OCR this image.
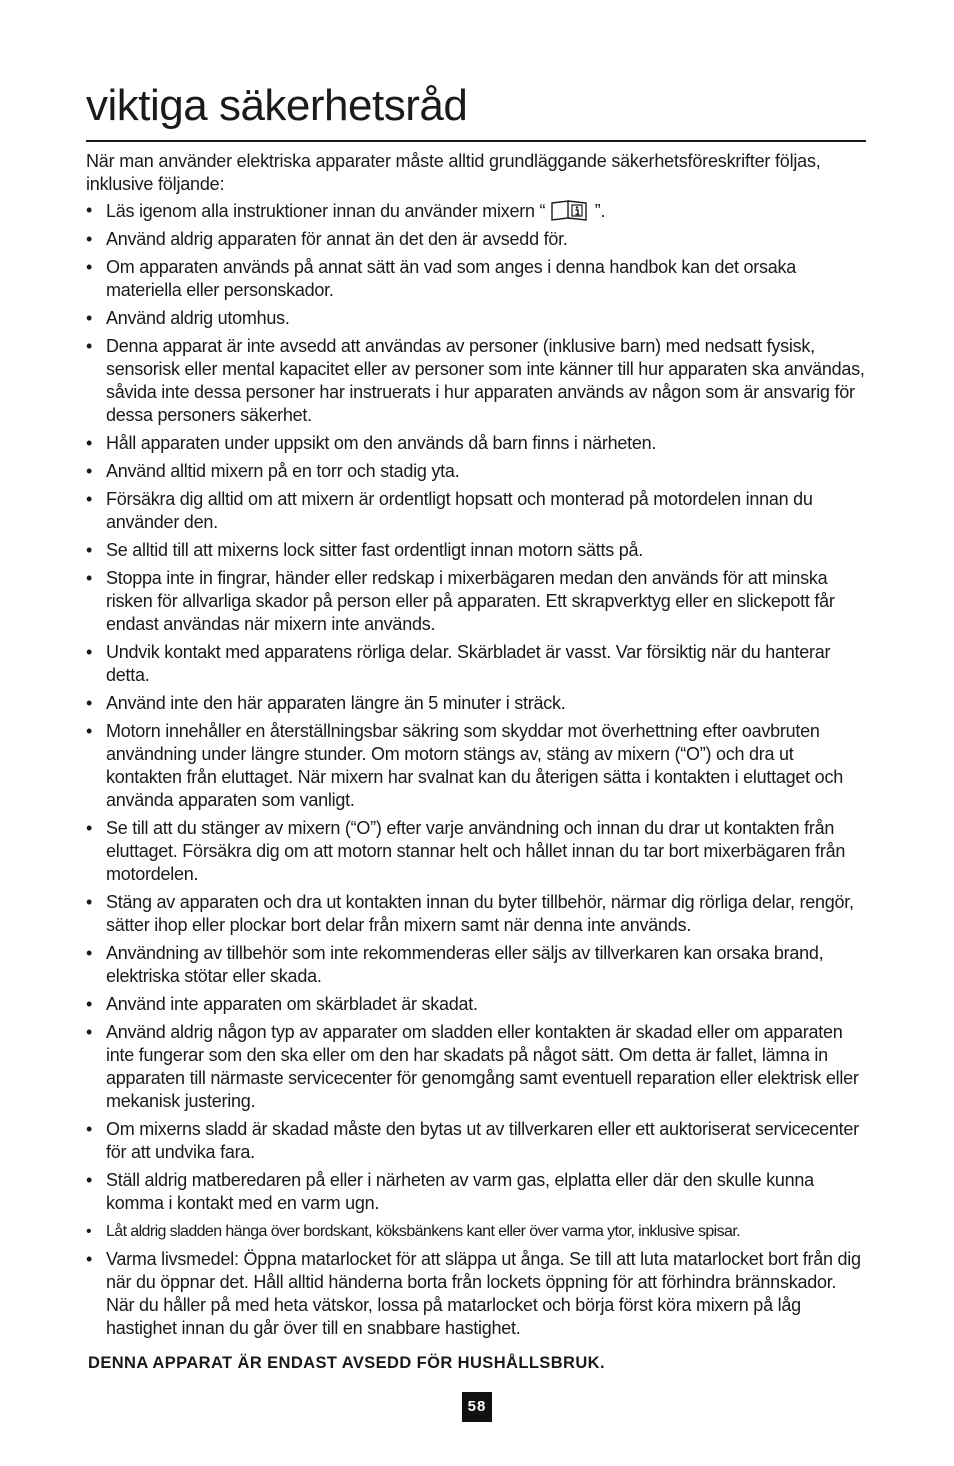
viktiga säkerhetsråd

När man använder elektriska apparater måste alltid grundläggande säkerhetsföreskrifter följas, inklusive följande:

• Läs igenom alla instruktioner innan du använder mixern “	”.
• Använd aldrig apparaten för annat än det den är avsedd för.
• Om apparaten används på annat sätt än vad som anges i denna handbok kan det orsaka materiella eller personskador.
• Använd aldrig utomhus.
• Denna apparat är inte avsedd att användas av personer (inklusive barn) med nedsatt fysisk, sensorisk eller mental kapacitet eller av personer som inte känner till hur apparaten ska användas, såvida inte dessa personer har instruerats i hur apparaten används av någon som är ansvarig för dessa personers säkerhet.
• Håll apparaten under uppsikt om den används då barn finns i närheten.
• Använd alltid mixern på en torr och stadig yta.
• Försäkra dig alltid om att mixern är ordentligt hopsatt och monterad på motordelen innan du använder den.
• Se alltid till att mixerns lock sitter fast ordentligt innan motorn sätts på.
• Stoppa inte in fingrar, händer eller redskap i mixerbägaren medan den används för att minska risken för allvarliga skador på person eller på apparaten. Ett skrapverktyg eller en slickepott får endast användas när mixern inte används.
• Undvik kontakt med apparatens rörliga delar. Skärbladet är vasst. Var försiktig när du hanterar detta.
• Använd inte den här apparaten längre än 5 minuter i sträck.
• Motorn innehåller en återställningsbar säkring som skyddar mot överhettning efter oavbruten användning under längre stunder. Om motorn stängs av, stäng av mixern (“O”) och dra ut kontakten från eluttaget. När mixern har svalnat kan du återigen sätta i kontakten i eluttaget och använda apparaten som vanligt.
• Se till att du stänger av mixern (“O”) efter varje användning och innan du drar ut kontakten från eluttaget. Försäkra dig om att motorn stannar helt och hållet innan du tar bort mixerbägaren från motordelen.
• Stäng av apparaten och dra ut kontakten innan du byter tillbehör, närmar dig rörliga delar, rengör, sätter ihop eller plockar bort delar från mixern samt när denna inte används.
• Användning av tillbehör som inte rekommenderas eller säljs av tillverkaren kan orsaka brand, elektriska stötar eller skada.
• Använd inte apparaten om skärbladet är skadat.
• Använd aldrig någon typ av apparater om sladden eller kontakten är skadad eller om apparaten inte fungerar som den ska eller om den har skadats på något sätt. Om detta är fallet, lämna in apparaten till närmaste servicecenter för genomgång samt eventuell reparation eller elektrisk eller mekanisk justering.
• Om mixerns sladd är skadad måste den bytas ut av tillverkaren eller ett auktoriserat servicecenter för att undvika fara.
• Ställ aldrig matberedaren på eller i närheten av varm gas, elplatta eller där den skulle kunna komma i kontakt med en varm ugn.
• Låt aldrig sladden hänga över bordskant, köksbänkens kant eller över varma ytor, inklusive spisar.
• Varma livsmedel: Öppna matarlocket för att släppa ut ånga. Se till att luta matarlocket bort från dig när du öppnar det. Håll alltid händerna borta från lockets öppning för att förhindra brännskador. När du håller på med heta vätskor, lossa på matarlocket och börja först köra mixern på låg hastighet innan du går över till en snabbare hastighet.
DENNA APPARAT ÄR ENDAST AVSEDD FÖR HUSHÅLLSBRUK.
58
